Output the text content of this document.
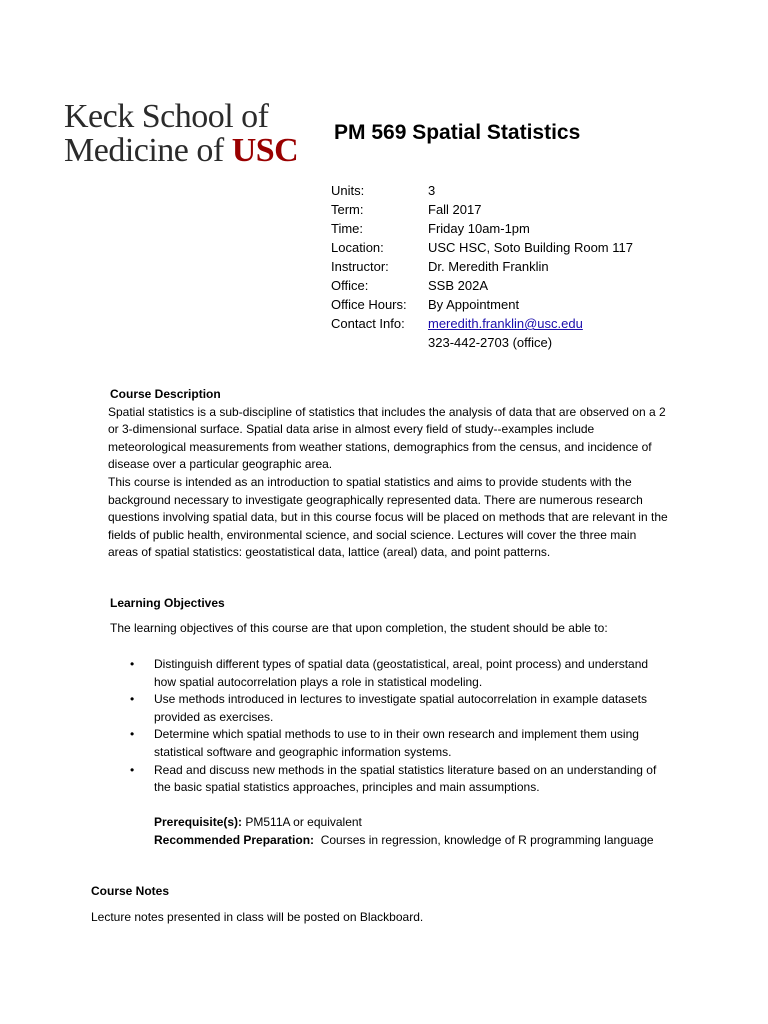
Keck School of
Medicine of USC PM 569 Spatial Statistics
Units:	3
Term:	Fall 2017
Time:	Friday 10am-1pm
Location:	USC HSC, Soto Building Room 117
Instructor:	Dr. Meredith Franklin
Office:	SSB 202A
Office Hours:	By Appointment
Contact Info:	meredith.franklin@usc.edu
323-442-2703 (office)
Course Description
Spatial statistics is a sub-discipline of statistics that includes the analysis of data that are observed on a 2 or 3-dimensional surface. Spatial data arise in almost every field of study--examples include meteorological measurements from weather stations, demographics from the census, and incidence of disease over a particular geographic area.
This course is intended as an introduction to spatial statistics and aims to provide students with the background necessary to investigate geographically represented data. There are numerous research questions involving spatial data, but in this course focus will be placed on methods that are relevant in the fields of public health, environmental science, and social science. Lectures will cover the three main areas of spatial statistics: geostatistical data, lattice (areal) data, and point patterns.
Learning Objectives
The learning objectives of this course are that upon completion, the student should be able to:
• Distinguish different types of spatial data (geostatistical, areal, point process) and understand how spatial autocorrelation plays a role in statistical modeling.
• Use methods introduced in lectures to investigate spatial autocorrelation in example datasets provided as exercises.
• Determine which spatial methods to use to in their own research and implement them using statistical software and geographic information systems.
• Read and discuss new methods in the spatial statistics literature based on an understanding of the basic spatial statistics approaches, principles and main assumptions.
Prerequisite(s): PM511A or equivalent
Recommended Preparation:  Courses in regression, knowledge of R programming language
Course Notes
Lecture notes presented in class will be posted on Blackboard.
